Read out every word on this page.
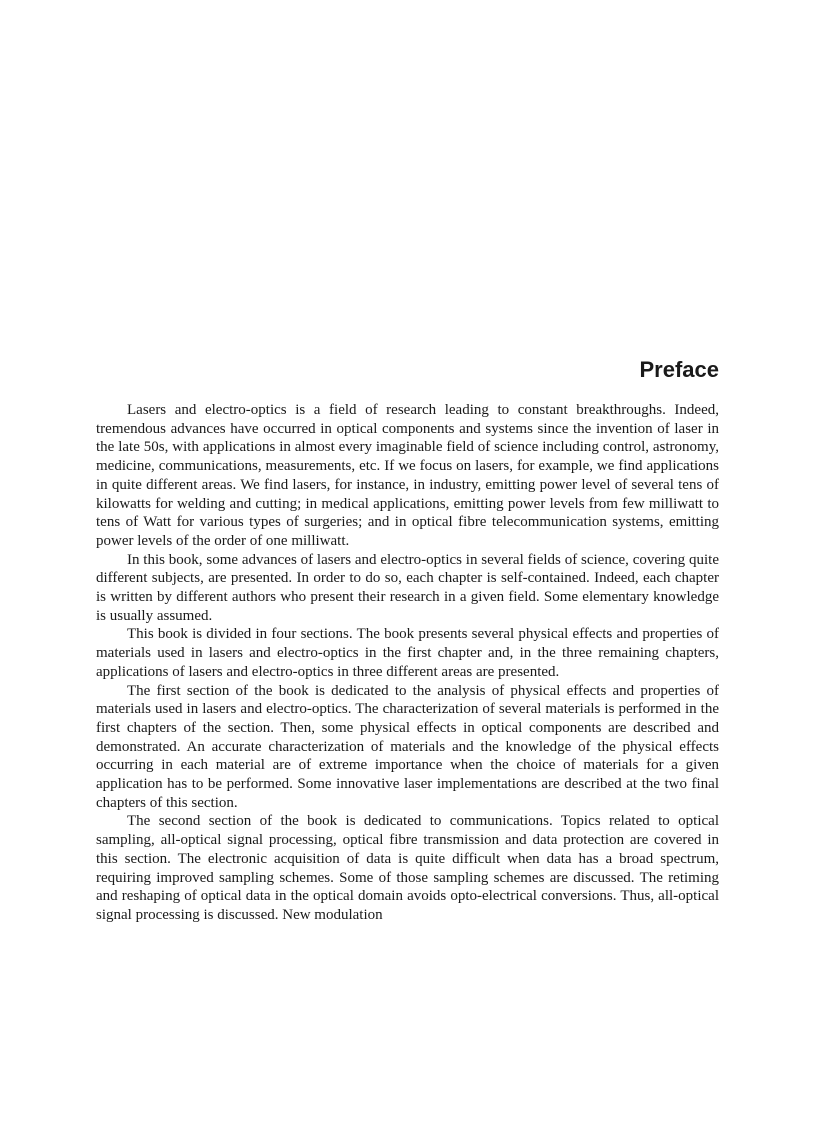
Preface

Lasers and electro-optics is a field of research leading to constant breakthroughs. Indeed, tremendous advances have occurred in optical components and systems since the invention of laser in the late 50s, with applications in almost every imaginable field of science including control, astronomy, medicine, communications, measurements, etc. If we focus on lasers, for example, we find applications in quite different areas. We find lasers, for instance, in industry, emitting power level of several tens of kilowatts for welding and cutting; in medical applications, emitting power levels from few milliwatt to tens of Watt for various types of surgeries; and in optical fibre telecommunication systems, emitting power levels of the order of one milliwatt.

In this book, some advances of lasers and electro-optics in several fields of science, covering quite different subjects, are presented. In order to do so, each chapter is self-contained. Indeed, each chapter is written by different authors who present their research in a given field. Some elementary knowledge is usually assumed.

This book is divided in four sections. The book presents several physical effects and properties of materials used in lasers and electro-optics in the first chapter and, in the three remaining chapters, applications of lasers and electro-optics in three different areas are presented.

The first section of the book is dedicated to the analysis of physical effects and properties of materials used in lasers and electro-optics. The characterization of several materials is performed in the first chapters of the section. Then, some physical effects in optical components are described and demonstrated. An accurate characterization of materials and the knowledge of the physical effects occurring in each material are of extreme importance when the choice of materials for a given application has to be performed. Some innovative laser implementations are described at the two final chapters of this section.

The second section of the book is dedicated to communications. Topics related to optical sampling, all-optical signal processing, optical fibre transmission and data protection are covered in this section. The electronic acquisition of data is quite difficult when data has a broad spectrum, requiring improved sampling schemes. Some of those sampling schemes are discussed. The retiming and reshaping of optical data in the optical domain avoids opto-electrical conversions. Thus, all-optical signal processing is discussed. New modulation
